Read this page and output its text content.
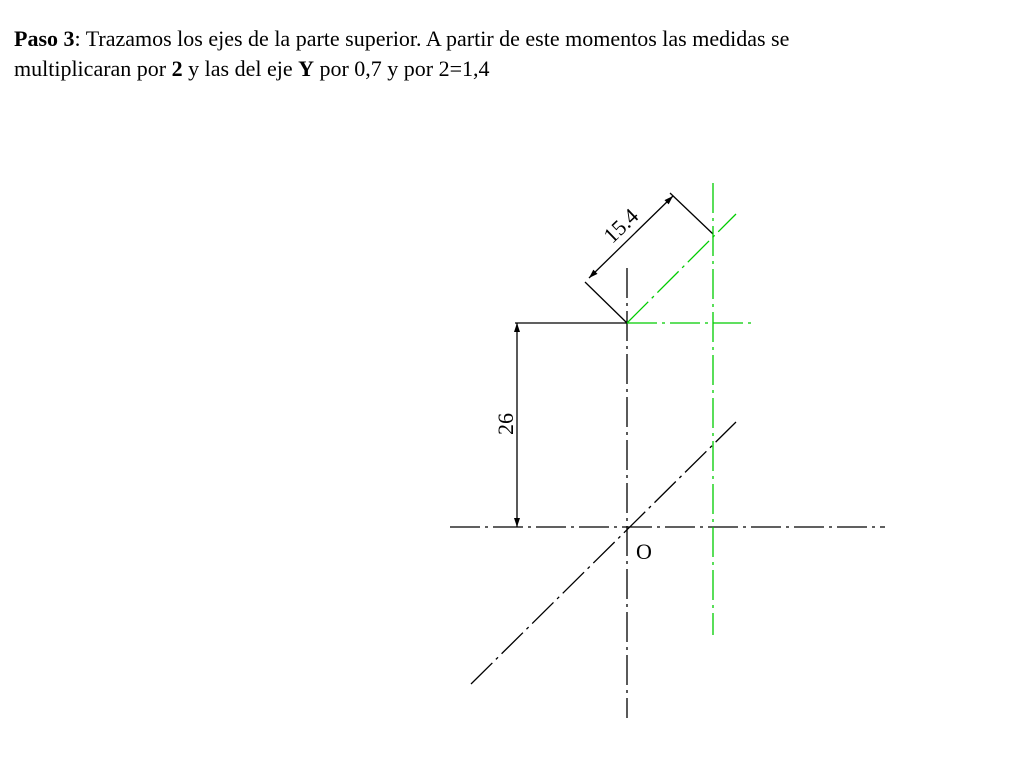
Paso 3: Trazamos los ejes de la parte superior. A partir de este momentos las medidas se
multiplicaran por 2 y las del eje Y por 0,7 y por 2=1,4
26
15.4
O
